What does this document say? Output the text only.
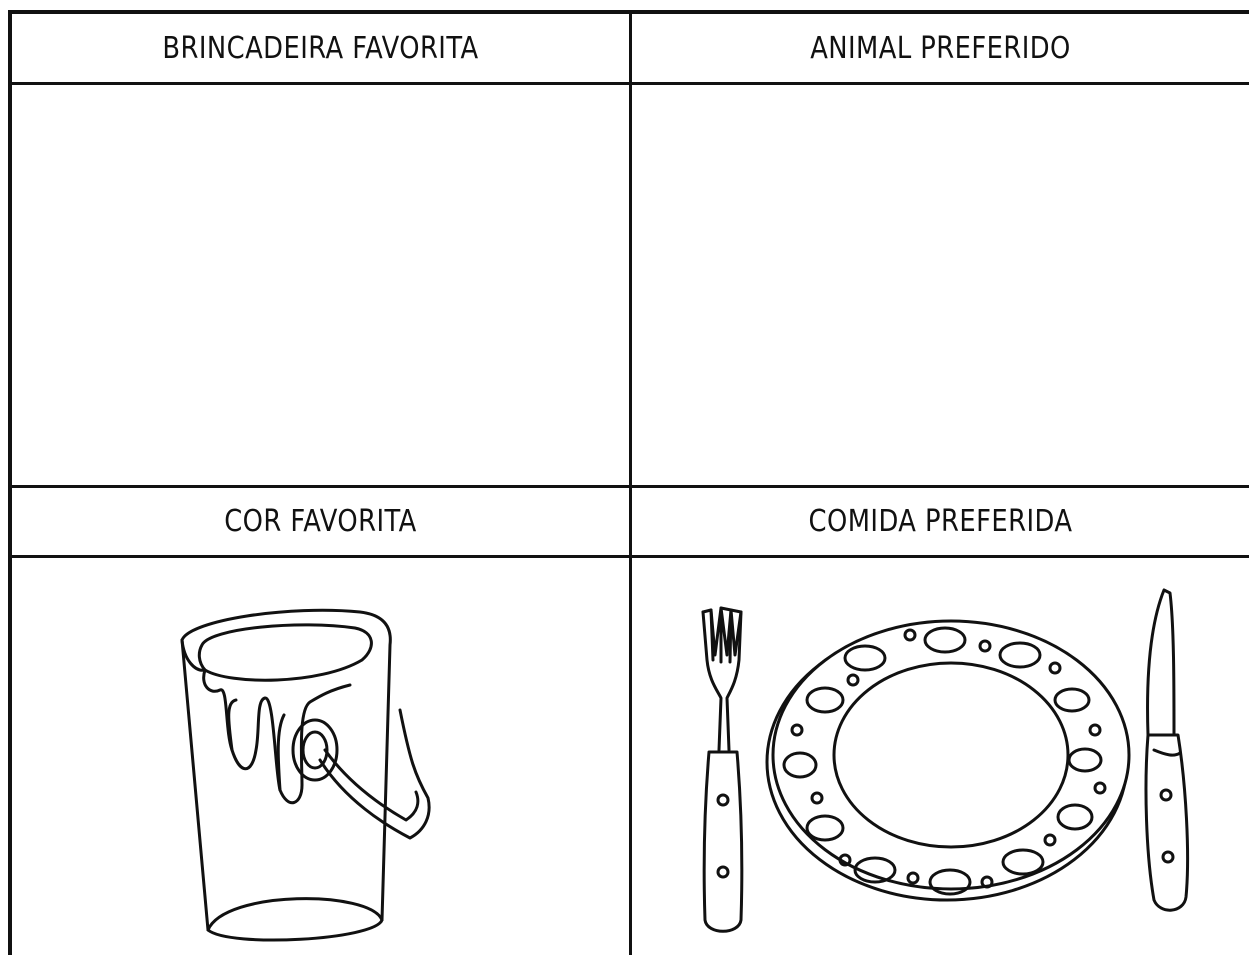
BRINCADEIRA FAVORITA	ANIMAL PREFERIDO
COR FAVORITA	COMIDA PREFERIDA
